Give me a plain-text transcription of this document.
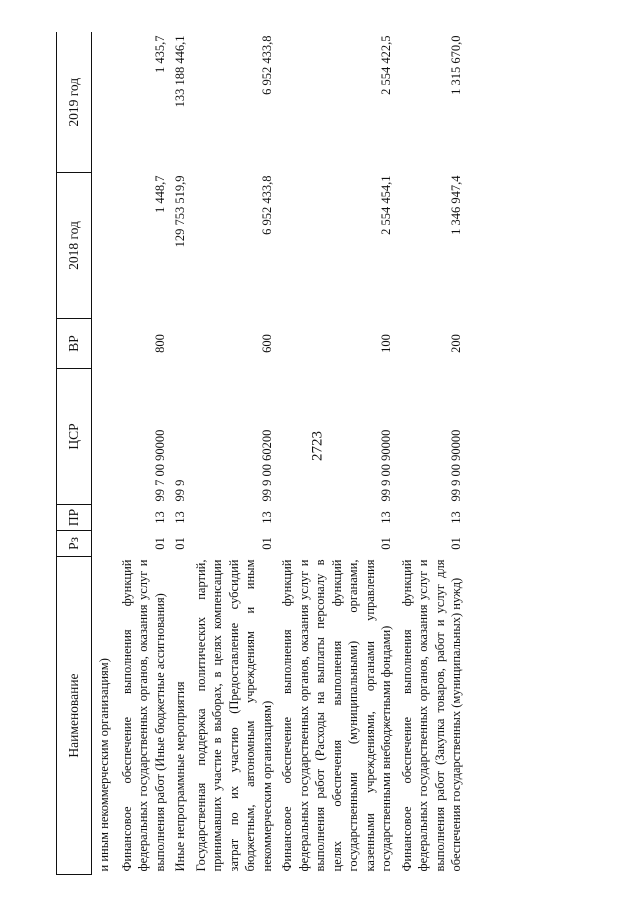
2723
Наименование	Рз	ПР	ЦСР	ВР	2018 год	2019 год
и иным некоммерческим организациям)						
Финансовое обеспечение выполнения функций федеральных государственных органов, оказания услуг и выполнения работ (Иные бюджетные ассигнования)	01	13	99 7 00 90000	800	1 448,7	1 435,7
Иные непрограммные мероприятия	01	13	99 9		129 753 519,9	133 188 446,1
Государственная поддержка политических партий, принимавших участие в выборах, в целях компенсации затрат по их участию (Предоставление субсидий бюджетным, автономным учреждениям и иным некоммерческим организациям)	01	13	99 9 00 60200	600	6 952 433,8	6 952 433,8
Финансовое обеспечение выполнения функций федеральных государственных органов, оказания услуг и выполнения работ (Расходы на выплаты персоналу в целях обеспечения выполнения функций государственными (муниципальными) органами, казенными учреждениями, органами управления государственными внебюджетными фондами)	01	13	99 9 00 90000	100	2 554 454,1	2 554 422,5
Финансовое обеспечение выполнения функций федеральных государственных органов, оказания услуг и выполнения работ (Закупка товаров, работ и услуг для обеспечения государственных (муниципальных) нужд)	01	13	99 9 00 90000	200	1 346 947,4	1 315 670,0
